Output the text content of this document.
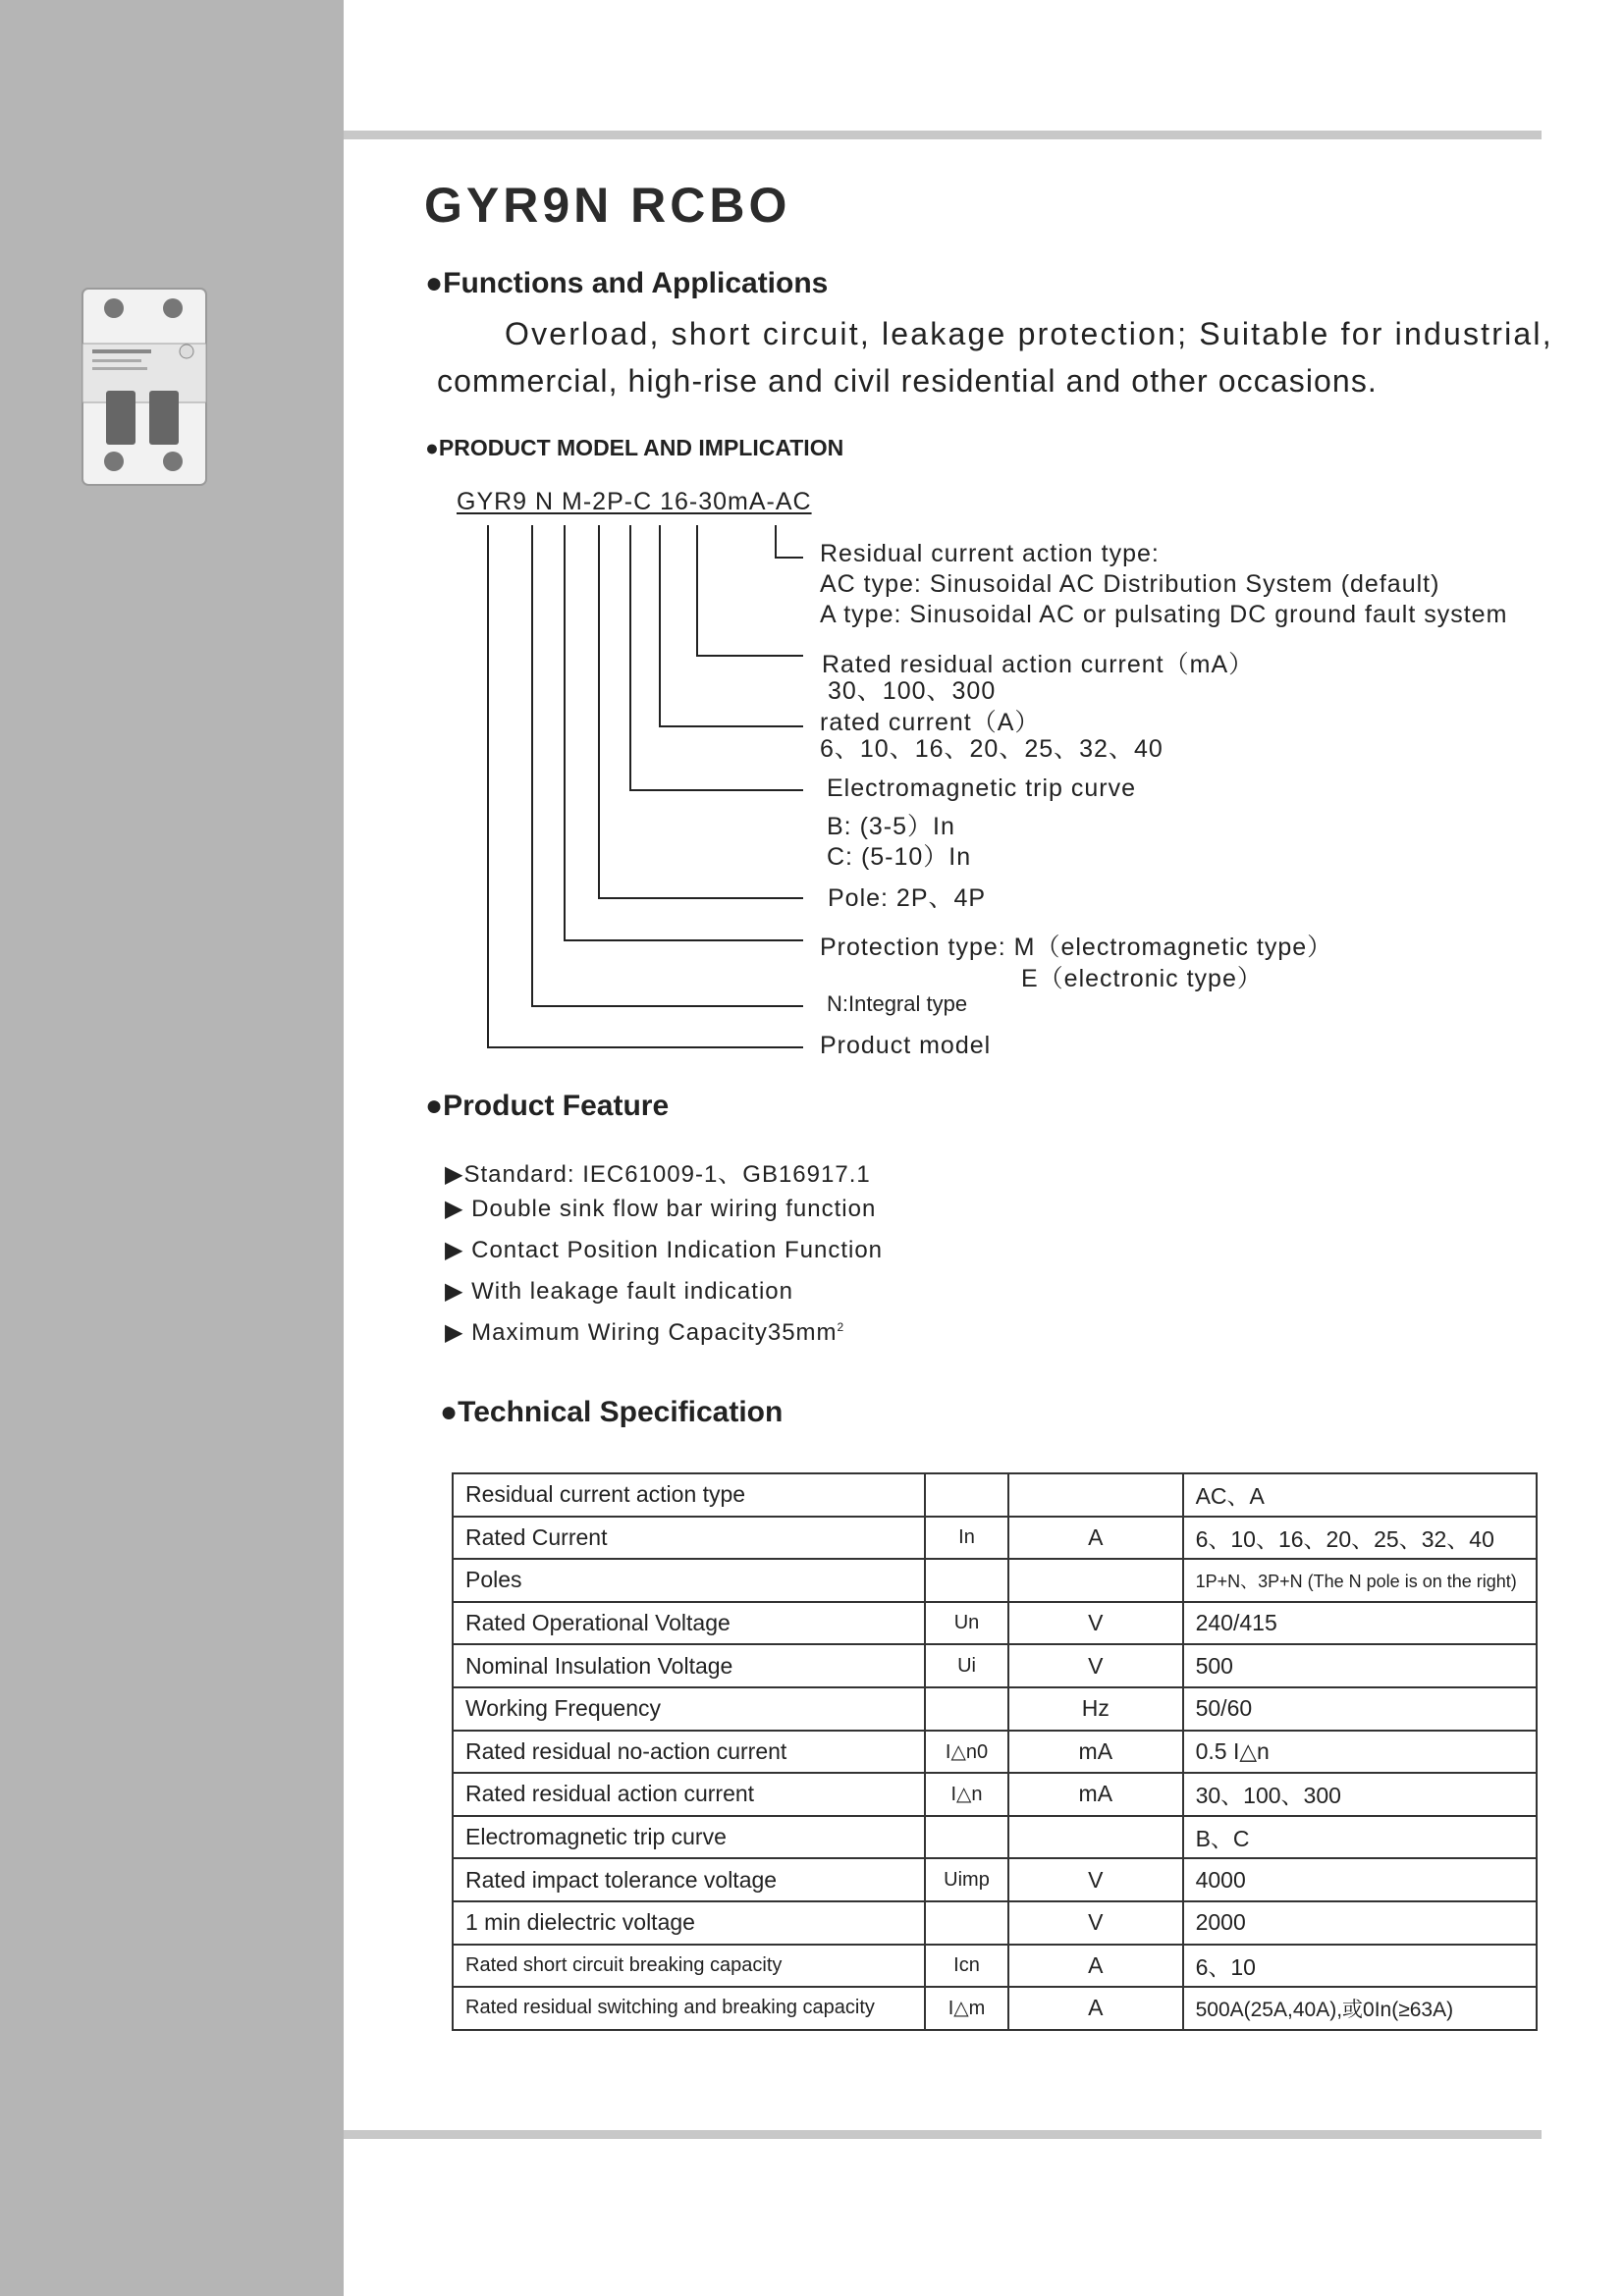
GYR9N RCBO
●Functions and Applications
Overload, short circuit, leakage protection; Suitable for industrial,
commercial, high-rise and civil residential and other occasions.
●PRODUCT MODEL AND IMPLICATION
GYR9 N M-2P-C 16-30mA-AC
Residual current action type:
AC type: Sinusoidal AC Distribution System (default)
A type: Sinusoidal AC or pulsating DC ground fault system
Rated residual action current（mA）
30、100、300
rated current（A）
6、10、16、20、25、32、40
Electromagnetic trip curve
B: (3-5）In
C: (5-10）In
Pole: 2P、4P
Protection type: M（electromagnetic type）
E（electronic type）
N:Integral type
Product model
●Product Feature
▶Standard: IEC61009-1、GB16917.1
▶ Double sink flow bar wiring function
▶ Contact Position Indication Function
▶ With leakage fault indication
▶ Maximum Wiring $Capacity35mm^2$
●Technical Specification
Residual current action type			AC、A
Rated Current	In	A	6、10、16、20、25、32、40
Poles			1P+N、3P+N (The N pole is on the right)
Rated Operational Voltage	Un	V	240/415
Nominal Insulation Voltage	Ui	V	500
Working Frequency		Hz	50/60
Rated residual no-action current	I△n0	mA	0.5 I△n
Rated residual action current	I△n	mA	30、100、300
Electromagnetic trip curve			B、C
Rated impact tolerance voltage	Uimp	V	4000
1 min dielectric voltage		V	2000
Rated short circuit breaking capacity	Icn	A	6、10
Rated residual switching and breaking capacity	I△m	A	500A(25A,40A),或0In(≥63A)
